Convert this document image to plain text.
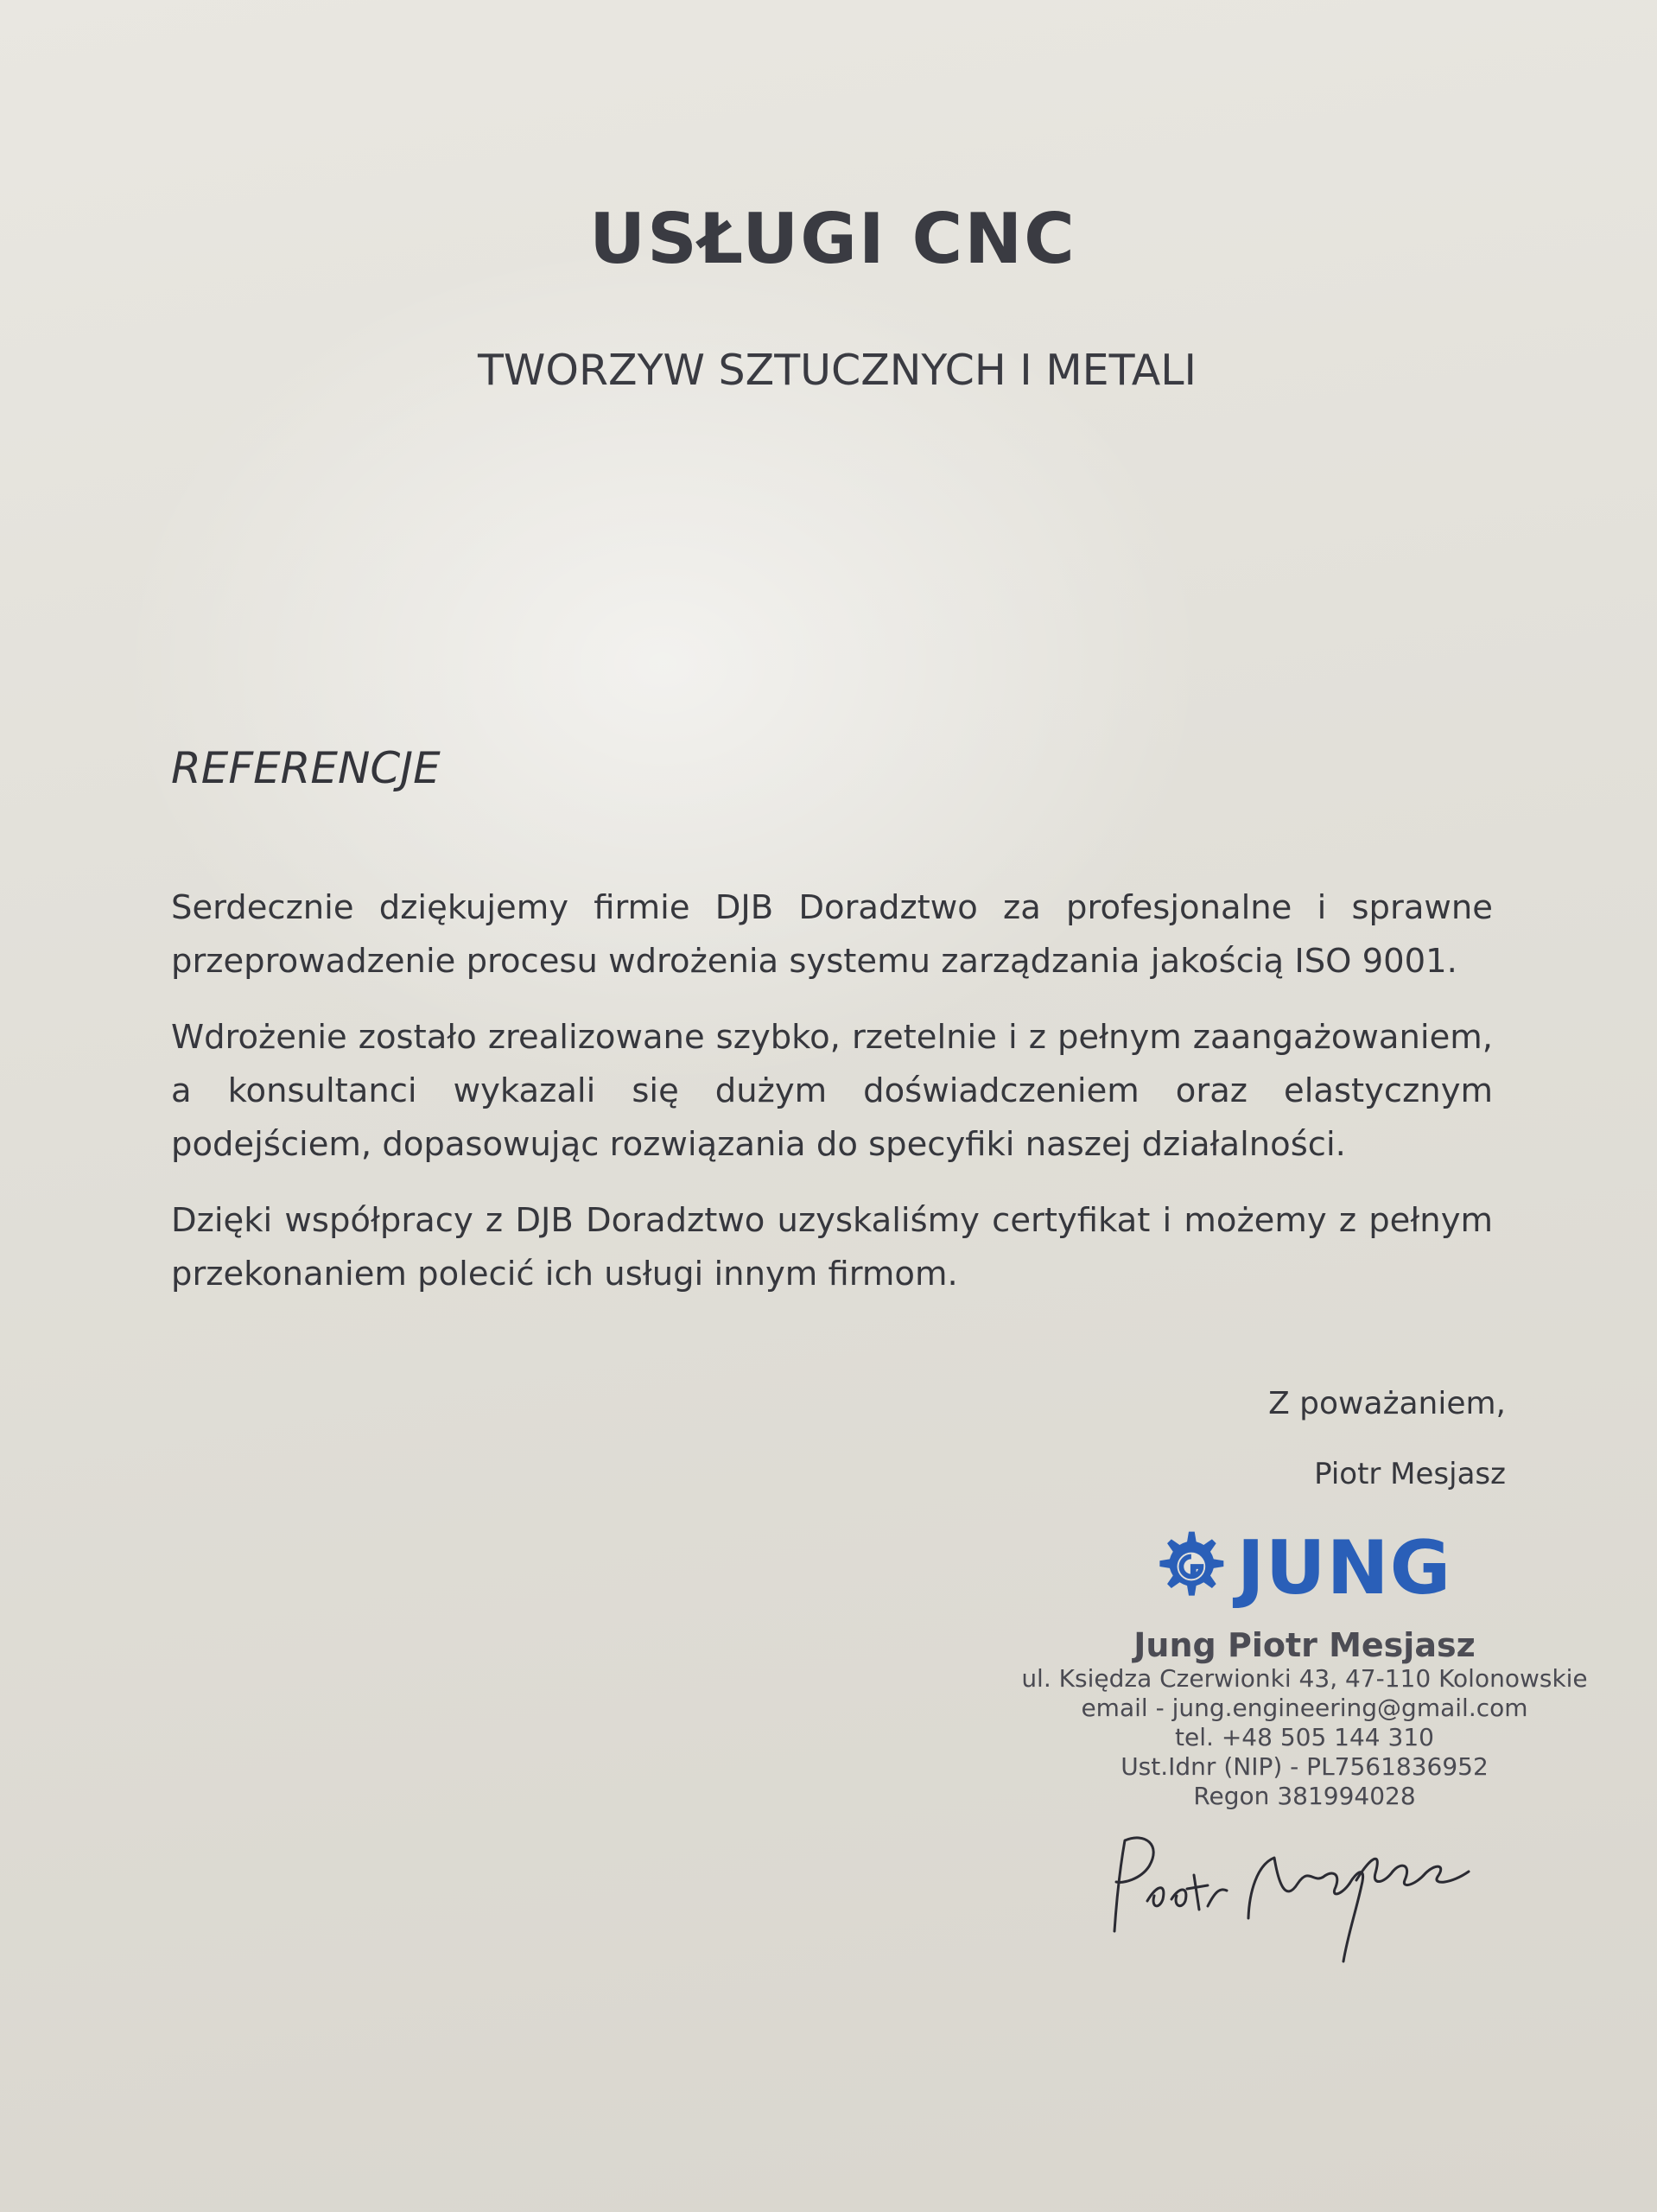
USŁUGI CNC
TWORZYW SZTUCZNYCH I METALI
REFERENCJE

Serdecznie dziękujemy firmie DJB Doradztwo za profesjonalne i sprawne przeprowadzenie procesu wdrożenia systemu zarządzania jakością ISO 9001.

Wdrożenie zostało zrealizowane szybko, rzetelnie i z pełnym zaangażowaniem, a konsultanci wykazali się dużym doświadczeniem oraz elastycznym podejściem, dopasowując rozwiązania do specyfiki naszej działalności.

Dzięki współpracy z DJB Doradztwo uzyskaliśmy certyfikat i możemy z pełnym przekonaniem polecić ich usługi innym firmom.

Z poważaniem,
Piotr Mesjasz
JUNG
Jung Piotr Mesjasz
ul. Księdza Czerwionki 43, 47-110 Kolonowskie
email - jung.engineering@gmail.com
tel. +48 505 144 310
Ust.Idnr (NIP) - PL7561836952
Regon 381994028
